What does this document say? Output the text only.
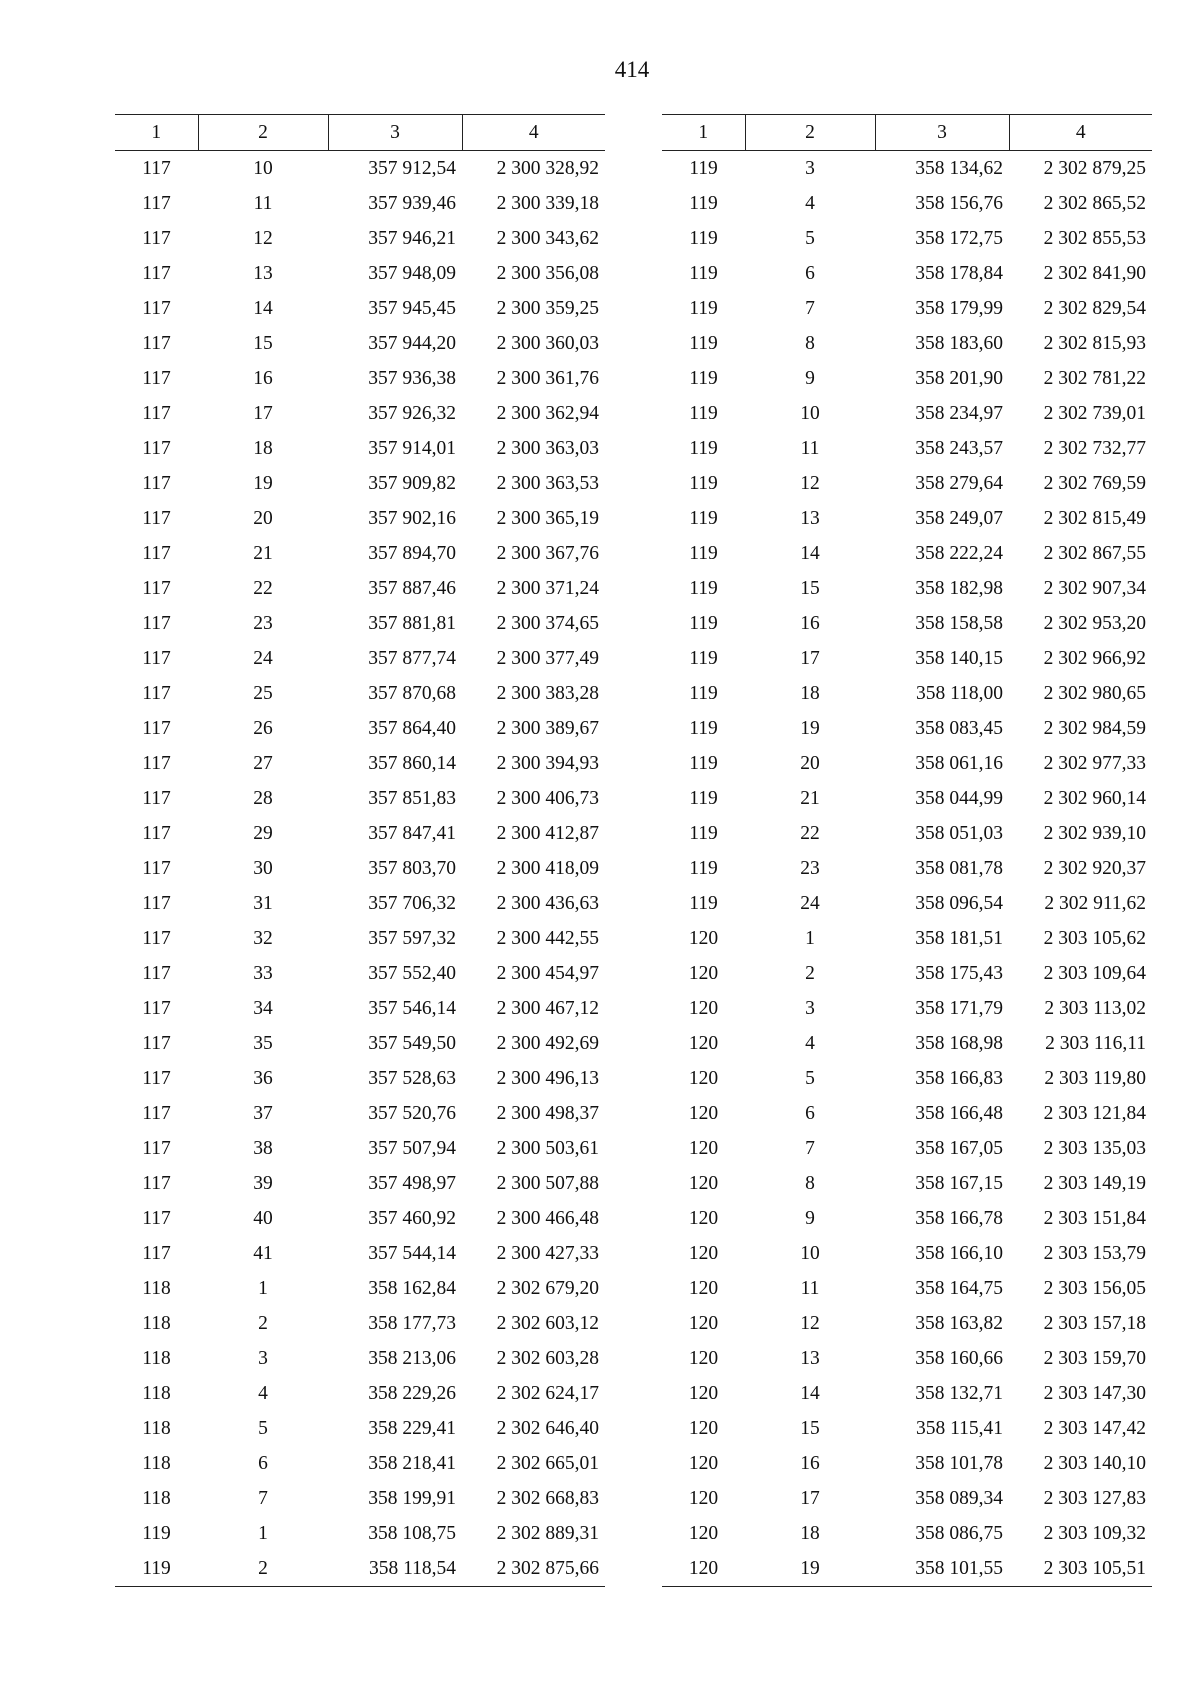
414
1	2	3	4
117	10	357 912,54	2 300 328,92
117	11	357 939,46	2 300 339,18
117	12	357 946,21	2 300 343,62
117	13	357 948,09	2 300 356,08
117	14	357 945,45	2 300 359,25
117	15	357 944,20	2 300 360,03
117	16	357 936,38	2 300 361,76
117	17	357 926,32	2 300 362,94
117	18	357 914,01	2 300 363,03
117	19	357 909,82	2 300 363,53
117	20	357 902,16	2 300 365,19
117	21	357 894,70	2 300 367,76
117	22	357 887,46	2 300 371,24
117	23	357 881,81	2 300 374,65
117	24	357 877,74	2 300 377,49
117	25	357 870,68	2 300 383,28
117	26	357 864,40	2 300 389,67
117	27	357 860,14	2 300 394,93
117	28	357 851,83	2 300 406,73
117	29	357 847,41	2 300 412,87
117	30	357 803,70	2 300 418,09
117	31	357 706,32	2 300 436,63
117	32	357 597,32	2 300 442,55
117	33	357 552,40	2 300 454,97
117	34	357 546,14	2 300 467,12
117	35	357 549,50	2 300 492,69
117	36	357 528,63	2 300 496,13
117	37	357 520,76	2 300 498,37
117	38	357 507,94	2 300 503,61
117	39	357 498,97	2 300 507,88
117	40	357 460,92	2 300 466,48
117	41	357 544,14	2 300 427,33
118	1	358 162,84	2 302 679,20
118	2	358 177,73	2 302 603,12
118	3	358 213,06	2 302 603,28
118	4	358 229,26	2 302 624,17
118	5	358 229,41	2 302 646,40
118	6	358 218,41	2 302 665,01
118	7	358 199,91	2 302 668,83
119	1	358 108,75	2 302 889,31
119	2	358 118,54	2 302 875,66
1	2	3	4
119	3	358 134,62	2 302 879,25
119	4	358 156,76	2 302 865,52
119	5	358 172,75	2 302 855,53
119	6	358 178,84	2 302 841,90
119	7	358 179,99	2 302 829,54
119	8	358 183,60	2 302 815,93
119	9	358 201,90	2 302 781,22
119	10	358 234,97	2 302 739,01
119	11	358 243,57	2 302 732,77
119	12	358 279,64	2 302 769,59
119	13	358 249,07	2 302 815,49
119	14	358 222,24	2 302 867,55
119	15	358 182,98	2 302 907,34
119	16	358 158,58	2 302 953,20
119	17	358 140,15	2 302 966,92
119	18	358 118,00	2 302 980,65
119	19	358 083,45	2 302 984,59
119	20	358 061,16	2 302 977,33
119	21	358 044,99	2 302 960,14
119	22	358 051,03	2 302 939,10
119	23	358 081,78	2 302 920,37
119	24	358 096,54	2 302 911,62
120	1	358 181,51	2 303 105,62
120	2	358 175,43	2 303 109,64
120	3	358 171,79	2 303 113,02
120	4	358 168,98	2 303 116,11
120	5	358 166,83	2 303 119,80
120	6	358 166,48	2 303 121,84
120	7	358 167,05	2 303 135,03
120	8	358 167,15	2 303 149,19
120	9	358 166,78	2 303 151,84
120	10	358 166,10	2 303 153,79
120	11	358 164,75	2 303 156,05
120	12	358 163,82	2 303 157,18
120	13	358 160,66	2 303 159,70
120	14	358 132,71	2 303 147,30
120	15	358 115,41	2 303 147,42
120	16	358 101,78	2 303 140,10
120	17	358 089,34	2 303 127,83
120	18	358 086,75	2 303 109,32
120	19	358 101,55	2 303 105,51
